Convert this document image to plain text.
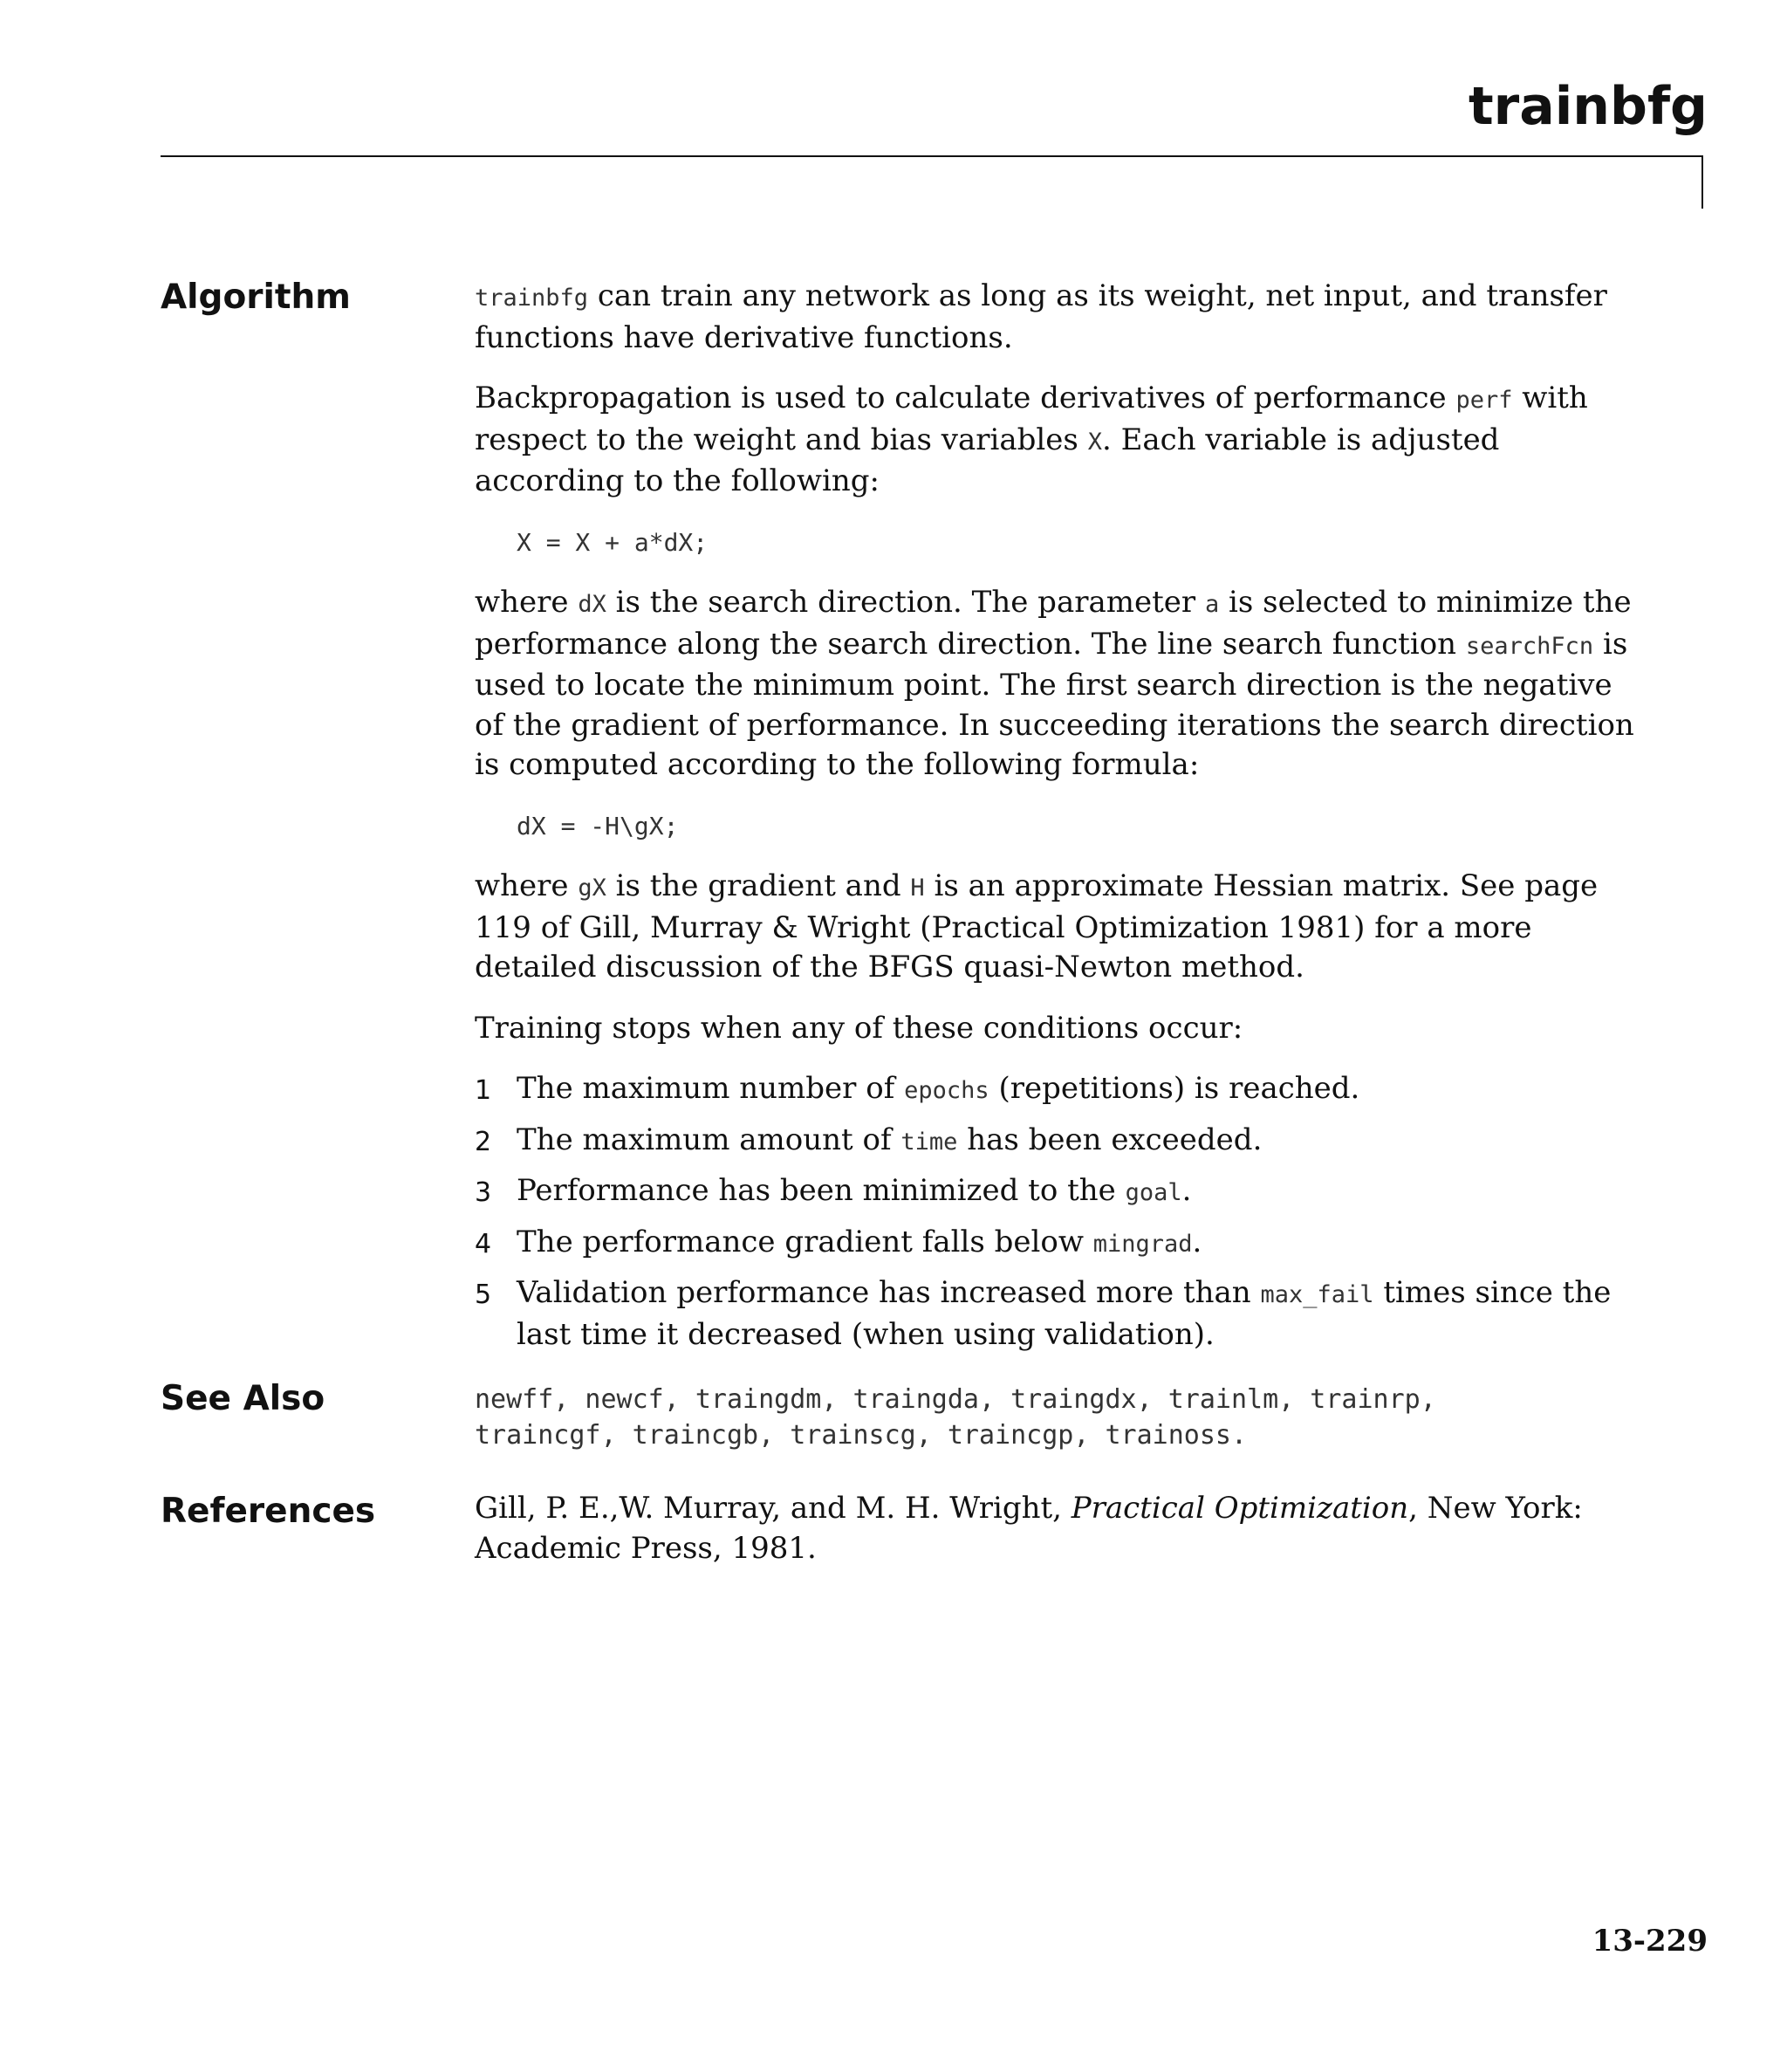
trainbfg
Algorithm	trainbfg can train any network as long as its weight, net input, and transfer functions have derivative functions.

Backpropagation is used to calculate derivatives of performance perf with respect to the weight and bias variables X. Each variable is adjusted according to the following:

X = X + a*dX;

where dX is the search direction. The parameter a is selected to minimize the performance along the search direction. The line search function searchFcn is used to locate the minimum point. The first search direction is the negative of the gradient of performance. In succeeding iterations the search direction is computed according to the following formula:

dX = -H\gX;

where gX is the gradient and H is an approximate Hessian matrix. See page 119 of Gill, Murray & Wright (Practical Optimization 1981) for a more detailed discussion of the BFGS quasi-Newton method.

Training stops when any of these conditions occur:

1 The maximum number of epochs (repetitions) is reached.
2 The maximum amount of time has been exceeded.
3 Performance has been minimized to the goal.
4 The performance gradient falls below mingrad.
5 Validation performance has increased more than max_fail times since the last time it decreased (when using validation).
See Also	newff, newcf, traingdm, traingda, traingdx, trainlm, trainrp,
traincgf, traincgb, trainscg, traincgp, trainoss.
References	Gill, P. E.,W. Murray, and M. H. Wright, Practical Optimization, New York: Academic Press, 1981.

13-229
